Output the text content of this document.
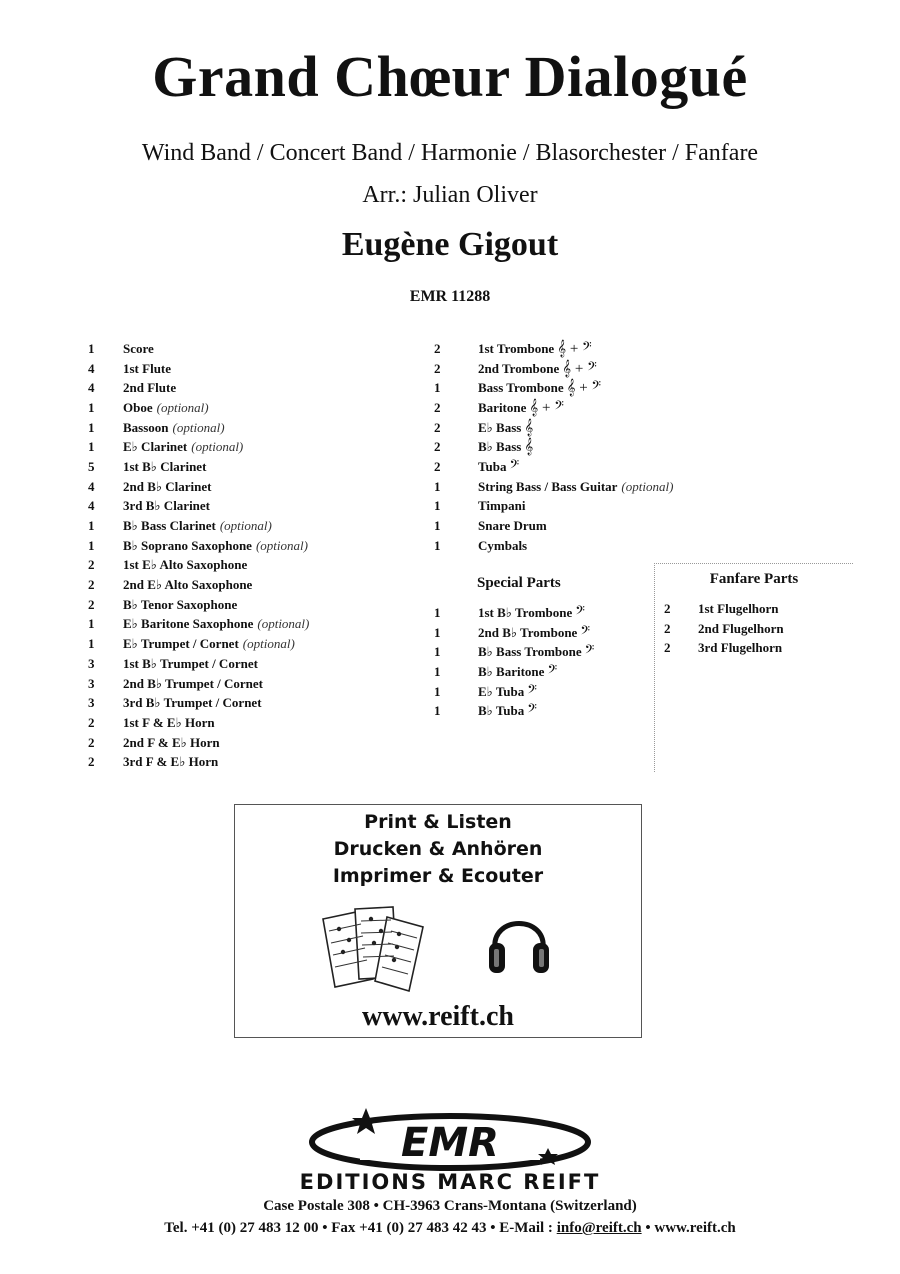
Grand Chœur Dialogué
Wind Band / Concert Band / Harmonie / Blasorchester / Fanfare
Arr.: Julian Oliver
Eugène Gigout
EMR 11288
1	Score
4	1st Flute
4	2nd Flute
1	Oboe (optional)
1	Bassoon (optional)
1	E♭ Clarinet (optional)
5	1st B♭ Clarinet
4	2nd B♭ Clarinet
4	3rd B♭ Clarinet
1	B♭ Bass Clarinet (optional)
1	B♭ Soprano Saxophone (optional)
2	1st E♭ Alto Saxophone
2	2nd E♭ Alto Saxophone
2	B♭ Tenor Saxophone
1	E♭ Baritone Saxophone (optional)
1	E♭ Trumpet / Cornet (optional)
3	1st B♭ Trumpet / Cornet
3	2nd B♭ Trumpet / Cornet
3	3rd B♭ Trumpet / Cornet
2	1st F & E♭ Horn
2	2nd F & E♭ Horn
2	3rd F & E♭ Horn
2	1st Trombone 𝄞 + 𝄢
2	2nd Trombone 𝄞 + 𝄢
1	Bass Trombone 𝄞 + 𝄢
2	Baritone 𝄞 + 𝄢
2	E♭ Bass 𝄞
2	B♭ Bass 𝄞
2	Tuba 𝄢
1	String Bass / Bass Guitar (optional)
1	Timpani
1	Snare Drum
1	Cymbals
Special Parts
1	1st B♭ Trombone 𝄢
1	2nd B♭ Trombone 𝄢
1	B♭ Bass Trombone 𝄢
1	B♭ Baritone 𝄢
1	E♭ Tuba 𝄢
1	B♭ Tuba 𝄢
Fanfare Parts
2	1st Flugelhorn
2	2nd Flugelhorn
2	3rd Flugelhorn
Print & Listen
Drucken & Anhören
Imprimer & Ecouter
www.reift.ch
EMR
EDITIONS MARC REIFT
Case Postale 308 • CH-3963 Crans-Montana (Switzerland)
Tel. +41 (0) 27 483 12 00 • Fax +41 (0) 27 483 42 43 • E-Mail : info@reift.ch • www.reift.ch
